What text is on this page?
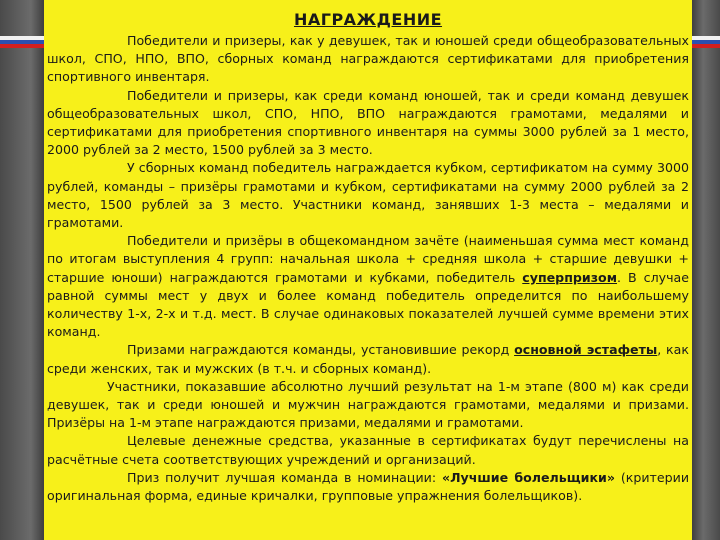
НАГРАЖДЕНИЕ

Победители и призеры, как у девушек, так и юношей среди общеобразовательных школ, СПО, НПО, ВПО, сборных команд награждаются сертификатами для приобретения спортивного инвентаря.

Победители и призеры, как среди команд юношей, так и среди команд девушек общеобразовательных школ, СПО, НПО, ВПО награждаются грамотами, медалями и сертификатами для приобретения спортивного инвентаря на суммы 3000 рублей за 1 место, 2000 рублей за 2 место, 1500 рублей за 3 место.

У сборных команд победитель награждается кубком, сертификатом на сумму 3000 рублей, команды – призёры грамотами и кубком, сертификатами на сумму 2000 рублей за 2 место, 1500 рублей за 3 место. Участники команд, занявших 1-3 места – медалями и грамотами.

Победители и призёры в общекомандном зачёте (наименьшая сумма мест команд по итогам выступления 4 групп: начальная школа + средняя школа + старшие девушки + старшие юноши) награждаются грамотами и кубками, победитель суперпризом. В случае равной суммы мест у двух и более команд победитель определится по наибольшему количеству 1-х, 2-х и т.д. мест. В случае одинаковых показателей лучшей сумме времени этих команд.

Призами награждаются команды, установившие рекорд основной эстафеты, как среди женских, так и мужских (в т.ч. и сборных команд).

Участники, показавшие абсолютно лучший результат на 1-м этапе (800 м) как среди девушек, так и среди юношей и мужчин награждаются грамотами, медалями и призами. Призёры на 1-м этапе награждаются призами, медалями и грамотами.

Целевые денежные средства, указанные в сертификатах будут перечислены на расчётные счета соответствующих учреждений и организаций.

Приз получит лучшая команда в номинации: «Лучшие болельщики» (критерии оригинальная форма, единые кричалки, групповые упражнения болельщиков).
